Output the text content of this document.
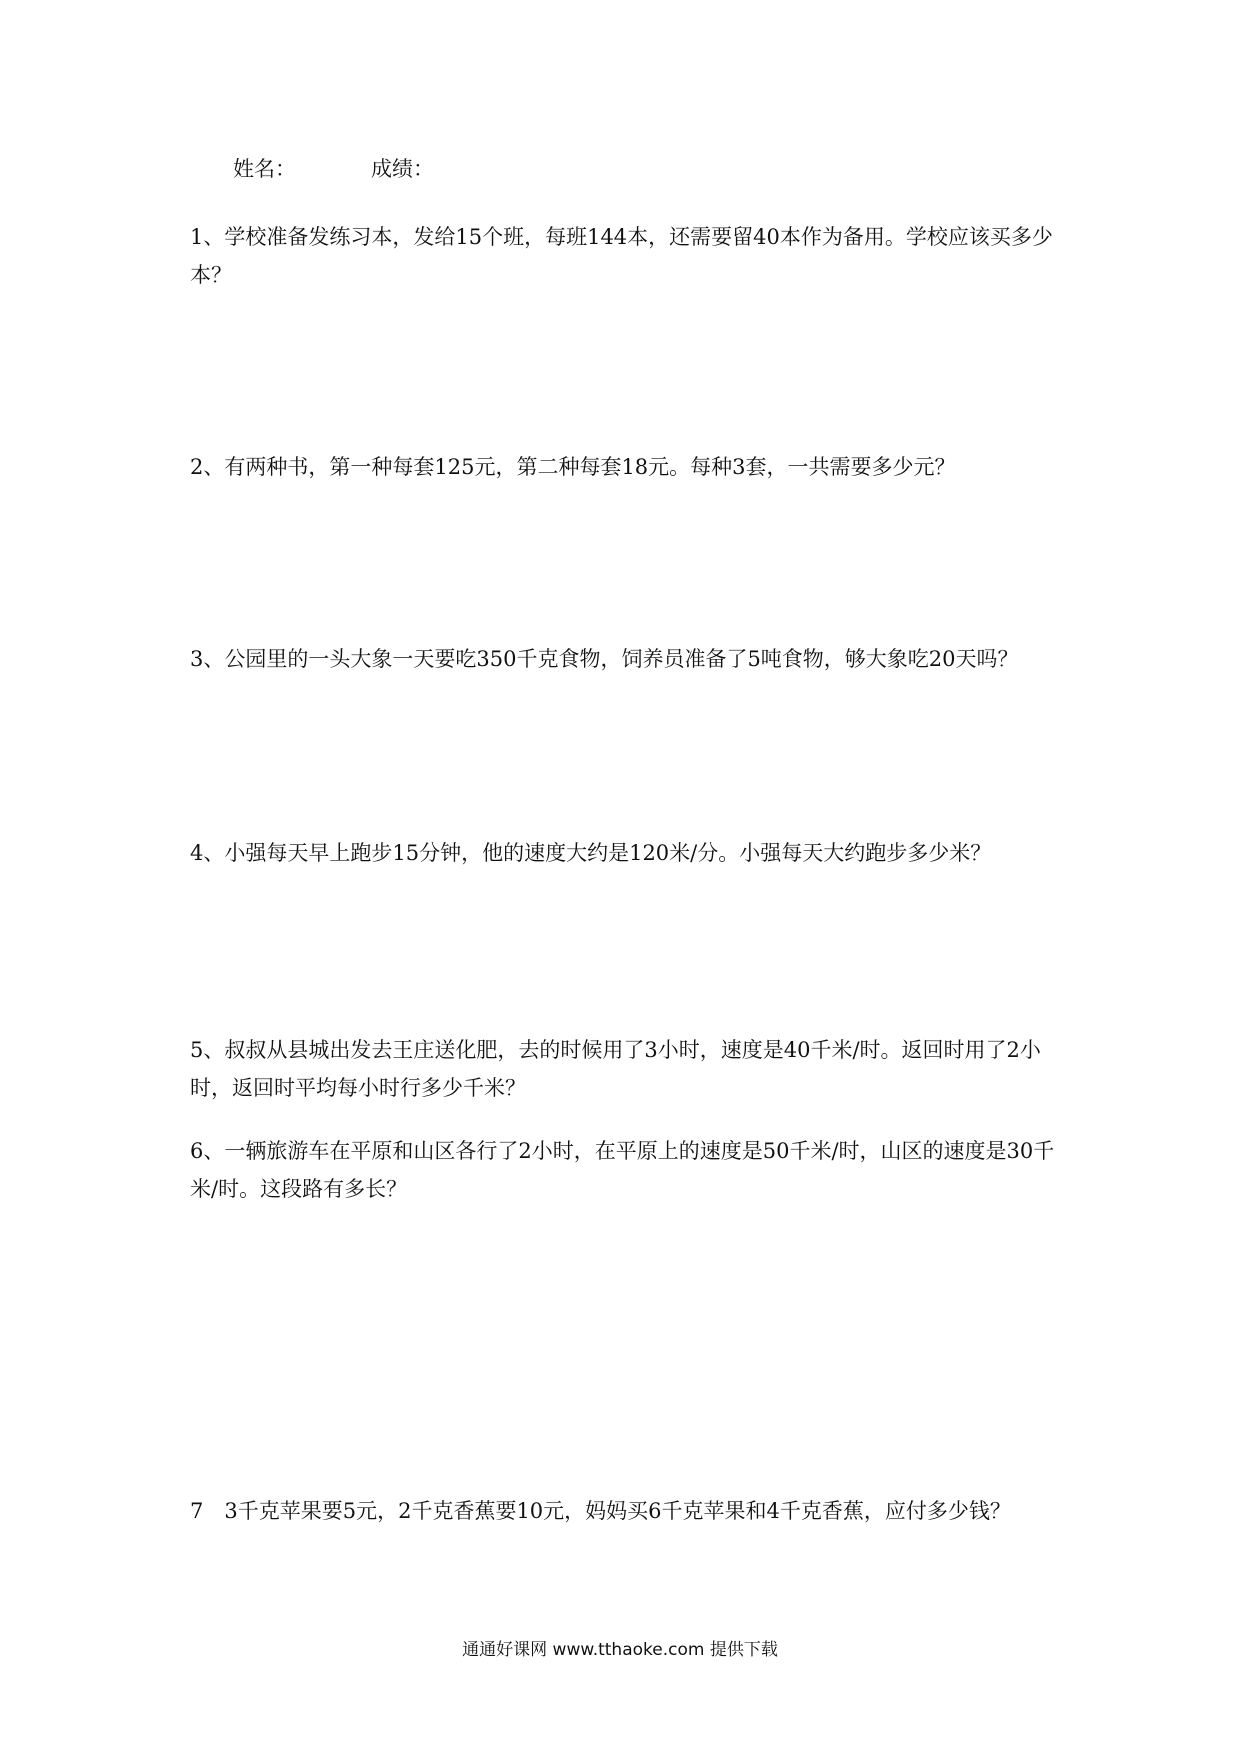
姓名：	成绩：
1、学校准备发练习本，发给15个班，每班144本，还需要留40本作为备用。学校应该买多少本？
2、有两种书，第一种每套125元，第二种每套18元。每种3套，一共需要多少元？
3、公园里的一头大象一天要吃350千克食物，饲养员准备了5吨食物，够大象吃20天吗？
4、小强每天早上跑步15分钟，他的速度大约是120米/分。小强每天大约跑步多少米？
5、叔叔从县城出发去王庄送化肥，去的时候用了3小时，速度是40千米/时。返回时用了2小时，返回时平均每小时行多少千米？
6、一辆旅游车在平原和山区各行了2小时，在平原上的速度是50千米/时，山区的速度是30千米/时。这段路有多长？
7　3千克苹果要5元，2千克香蕉要10元，妈妈买6千克苹果和4千克香蕉，应付多少钱？
通通好课网 www.tthaoke.com 提供下载
